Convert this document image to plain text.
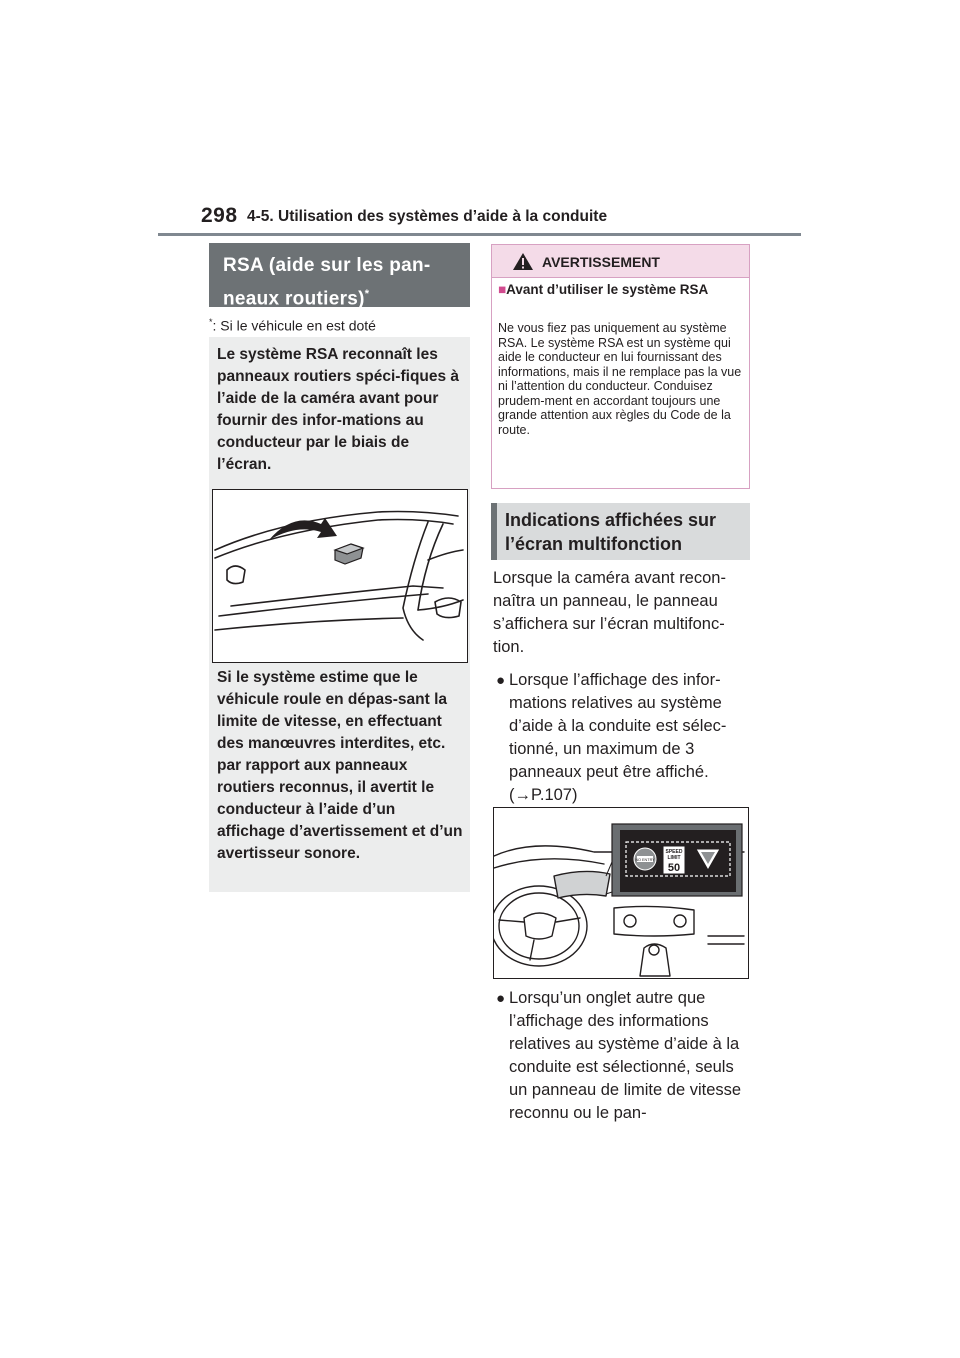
298 4-5. Utilisation des systèmes d’aide à la conduite
RSA (aide sur les pan-
neaux routiers)*
*: Si le véhicule en est doté
Le système RSA reconnaît les panneaux routiers spéci-fiques à l’aide de la caméra avant pour fournir des infor-mations au conducteur par le biais de l’écran.
Si le système estime que le véhicule roule en dépas-sant la limite de vitesse, en effectuant des manœuvres interdites, etc. par rapport aux panneaux routiers reconnus, il avertit le conducteur à l’aide d’un affichage d’avertissement et d’un avertisseur sonore.
AVERTISSEMENT
■Avant d’utiliser le système RSA
Ne vous fiez pas uniquement au système RSA. Le système RSA est un système qui aide le conducteur en lui fournissant des informations, mais il ne remplace pas la vue ni l’attention du conducteur. Conduisez prudem-ment en accordant toujours une grande attention aux règles du Code de la route.
Indications affichées sur l’écran multifonction
Lorsque la caméra avant recon-naîtra un panneau, le panneau s’affichera sur l’écran multifonc-tion.
● Lorsque l’affichage des infor-mations relatives au système d’aide à la conduite est sélec-tionné, un maximum de 3 panneaux peut être affiché. (→P.107)
NO ENTRY
SPEED
LIMIT
50
● Lorsqu’un onglet autre que l’affichage des informations relatives au système d’aide à la conduite est sélectionné, seuls un panneau de limite de vitesse reconnu ou le pan-
